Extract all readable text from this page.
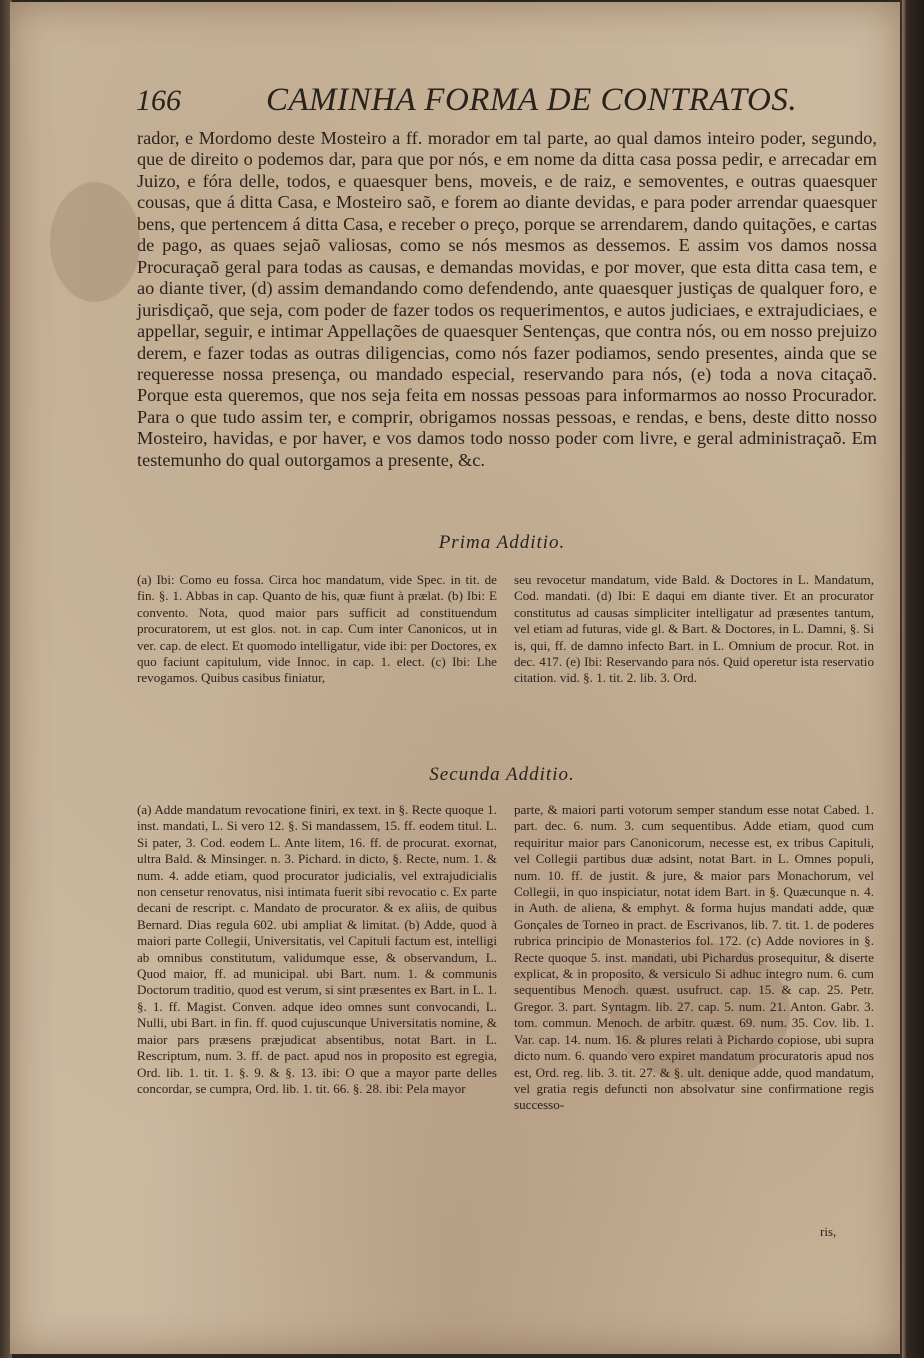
166	CAMINHA FORMA DE CONTRATOS.

rador, e Mordomo deste Mosteiro a ff. morador em tal parte, ao qual damos inteiro poder, segundo, que de direito o podemos dar, para que por nós, e em nome da ditta casa possa pedir, e arrecadar em Juizo, e fóra delle, todos, e quaesquer bens, moveis, e de raiz, e semoventes, e outras quaesquer cousas, que á ditta Casa, e Mosteiro saõ, e forem ao diante devidas, e para poder arrendar quaesquer bens, que pertencem á ditta Casa, e receber o preço, porque se arrendarem, dando quitações, e cartas de pago, as quaes sejaõ valiosas, como se nós mesmos as dessemos. E assim vos damos nossa Procuraçaõ geral para todas as causas, e demandas movidas, e por mover, que esta ditta casa tem, e ao diante tiver, (d) assim demandando como defendendo, ante quaesquer justiças de qualquer foro, e jurisdiçaõ, que seja, com poder de fazer todos os requerimentos, e autos judiciaes, e extrajudiciaes, e appellar, seguir, e intimar Appellações de quaesquer Sentenças, que contra nós, ou em nosso prejuizo derem, e fazer todas as outras diligencias, como nós fazer podiamos, sendo presentes, ainda que se requeresse nossa presença, ou mandado especial, reservando para nós, (e) toda a nova citaçaõ. Porque esta queremos, que nos seja feita em nossas pessoas para informarmos ao nosso Procurador. Para o que tudo assim ter, e comprir, obrigamos nossas pessoas, e rendas, e bens, deste ditto nosso Mosteiro, havidas, e por haver, e vos damos todo nosso poder com livre, e geral administraçaõ. Em testemunho do qual outorgamos a presente, &c.

Prima Additio.

(a) Ibi: Como eu fossa. Circa hoc mandatum, vide Spec. in tit. de fin. §. 1. Abbas in cap. Quanto de his, quæ fiunt à prælat. (b) Ibi: E convento. Nota, quod maior pars sufficit ad constituendum procuratorem, ut est glos. not. in cap. Cum inter Canonicos, ut in ver. cap. de elect. Et quomodo intelligatur, vide ibi: per Doctores, ex quo faciunt capitulum, vide Innoc. in cap. 1. elect. (c) Ibi: Lhe revogamos. Quibus casibus finiatur,

seu revocetur mandatum, vide Bald. & Doctores in L. Mandatum, Cod. mandati. (d) Ibi: E daqui em diante tiver. Et an procurator constitutus ad causas simpliciter intelligatur ad præsentes tantum, vel etiam ad futuras, vide gl. & Bart. & Doctores, in L. Damni, §. Si is, qui, ff. de damno infecto Bart. in L. Omnium de procur. Rot. in dec. 417. (e) Ibi: Reservando para nós. Quid operetur ista reservatio citation. vid. §. 1. tit. 2. lib. 3. Ord.

Secunda Additio.

(a) Adde mandatum revocatione finiri, ex text. in §. Recte quoque 1. inst. mandati, L. Si vero 12. §. Si mandassem, 15. ff. eodem titul. L. Si pater, 3. Cod. eodem L. Ante litem, 16. ff. de procurat. exornat, ultra Bald. & Minsinger. n. 3. Pichard. in dicto, §. Recte, num. 1. & num. 4. adde etiam, quod procurator judicialis, vel extrajudicialis non censetur renovatus, nisi intimata fuerit sibi revocatio c. Ex parte decani de rescript. c. Mandato de procurator. & ex aliis, de quibus Bernard. Dias regula 602. ubi ampliat & limitat. (b) Adde, quod à maiori parte Collegii, Universitatis, vel Capituli factum est, intelligi ab omnibus constitutum, validumque esse, & observandum, L. Quod maior, ff. ad municipal. ubi Bart. num. 1. & communis Doctorum traditio, quod est verum, si sint præsentes ex Bart. in L. 1. §. 1. ff. Magist. Conven. adque ideo omnes sunt convocandi, L. Nulli, ubi Bart. in fin. ff. quod cujuscunque Universitatis nomine, & maior pars præsens præjudicat absentibus, notat Bart. in L. Rescriptum, num. 3. ff. de pact. apud nos in proposito est egregia, Ord. lib. 1. tit. 1. §. 9. & §. 13. ibi: O que a mayor parte delles concordar, se cumpra, Ord. lib. 1. tit. 66. §. 28. ibi: Pela mayor

parte, & maiori parti votorum semper standum esse notat Cabed. 1. part. dec. 6. num. 3. cum sequentibus. Adde etiam, quod cum requiritur maior pars Canonicorum, necesse est, ex tribus Capituli, vel Collegii partibus duæ adsint, notat Bart. in L. Omnes populi, num. 10. ff. de justit. & jure, & maior pars Monachorum, vel Collegii, in quo inspiciatur, notat idem Bart. in §. Quæcunque n. 4. in Auth. de aliena, & emphyt. & forma hujus mandati adde, quæ Gonçales de Torneo in pract. de Escrivanos, lib. 7. tit. 1. de poderes rubrica principio de Monasterios fol. 172. (c) Adde noviores in §. Recte quoque 5. inst. mandati, ubi Pichardus prosequitur, & diserte explicat, & in proposito, & versiculo Si adhuc integro num. 6. cum sequentibus Menoch. quæst. usufruct. cap. 15. & cap. 25. Petr. Gregor. 3. part. Syntagm. lib. 27. cap. 5. num. 21. Anton. Gabr. 3. tom. commun. Menoch. de arbitr. quæst. 69. num. 35. Cov. lib. 1. Var. cap. 14. num. 16. & plures relati à Pichardo copiose, ubi supra dicto num. 6. quando vero expiret mandatum procuratoris apud nos est, Ord. reg. lib. 3. tit. 27. & §. ult. denique adde, quod mandatum, vel gratia regis defuncti non absolvatur sine confirmatione regis successo-

ris,
